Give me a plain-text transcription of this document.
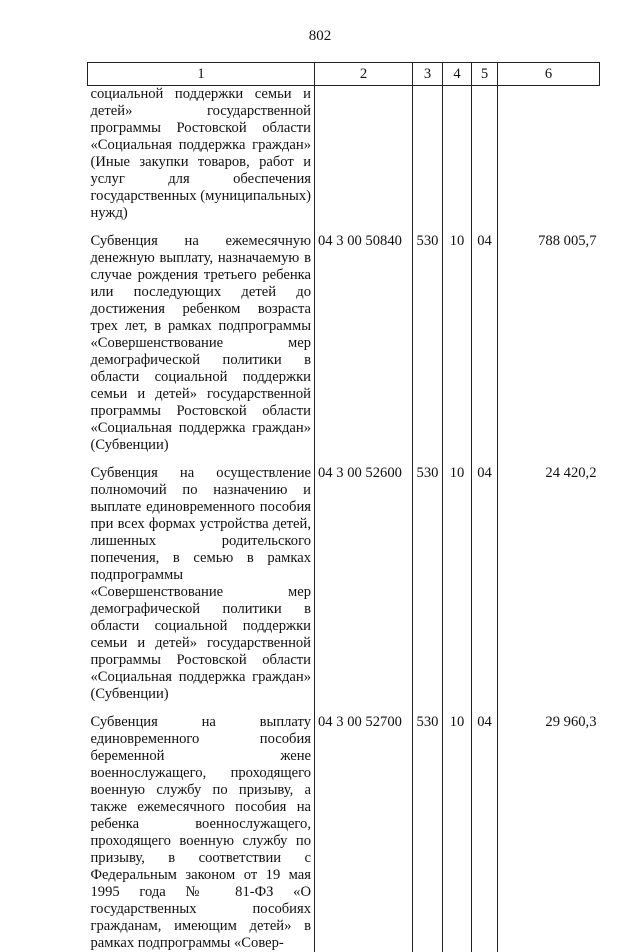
802
1	2	3	4	5	6

социальной поддержки семьи и детей» государственной программы Ростовской области «Социальная поддержка граждан» (Иные закупки товаров, работ и услуг для обеспечения государственных (муниципальных) нужд)					

Субвенция на ежемесячную денежную выплату, назначаемую в случае рождения третьего ребенка или последующих детей до достижения ребенком возраста трех лет, в рамках подпрограммы «Совершенствование мер демографической политики в области социальной поддержки семьи и детей» государственной программы Ростовской области «Социальная поддержка граждан» (Субвенции)	04 3 00 50840	530	10	04	788 005,7

Субвенция на осуществление полномочий по назначению и выплате единовременного пособия при всех формах устройства детей, лишенных родительского попечения, в семью в рамках подпрограммы «Совершенствование мер демографической политики в области социальной поддержки семьи и детей» государственной программы Ростовской области «Социальная поддержка граждан» (Субвенции)	04 3 00 52600	530	10	04	24 420,2

Субвенция на выплату единовременного пособия беременной жене военнослужащего, проходящего военную службу по призыву, а также ежемесячного пособия на ребенка военнослужащего, проходящего военную службу по призыву, в соответствии с Федеральным законом от 19 мая 1995 года № 81-ФЗ «О государственных пособиях гражданам, имеющим детей» в рамках подпрограммы «Совер-	04 3 00 52700	530	10	04	29 960,3
